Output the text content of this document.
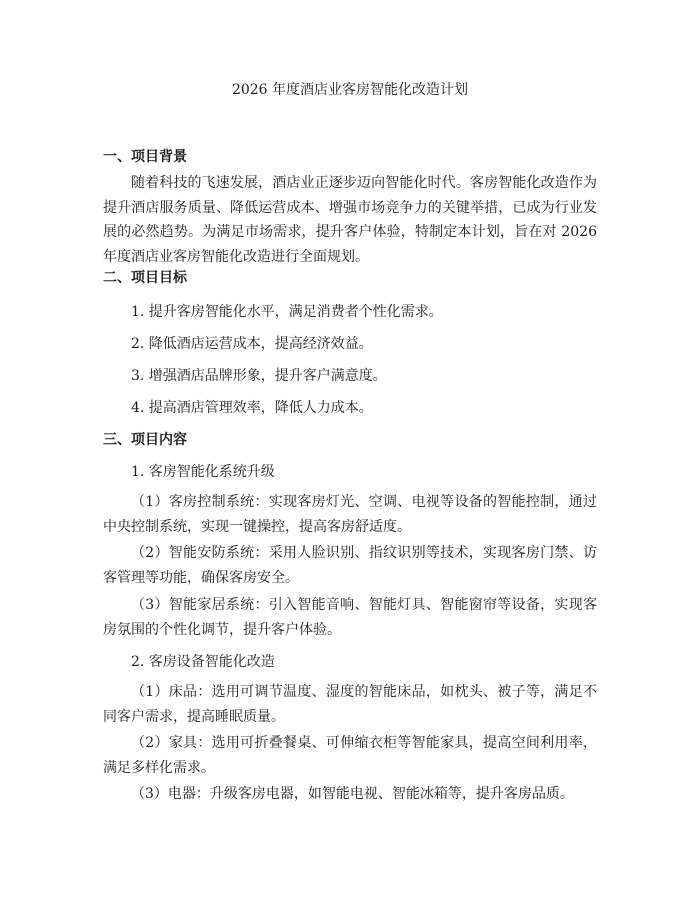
2026 年度酒店业客房智能化改造计划
一、项目背景

随着科技的飞速发展，酒店业正逐步迈向智能化时代。客房智能化改造作为提升酒店服务质量、降低运营成本、增强市场竞争力的关键举措，已成为行业发展的必然趋势。为满足市场需求，提升客户体验，特制定本计划，旨在对 2026 年度酒店业客房智能化改造进行全面规划。

二、项目目标

1. 提升客房智能化水平，满足消费者个性化需求。

2. 降低酒店运营成本，提高经济效益。

3. 增强酒店品牌形象，提升客户满意度。

4. 提高酒店管理效率，降低人力成本。

三、项目内容

1. 客房智能化系统升级

（1）客房控制系统：实现客房灯光、空调、电视等设备的智能控制，通过中央控制系统，实现一键操控，提高客房舒适度。

（2）智能安防系统：采用人脸识别、指纹识别等技术，实现客房门禁、访客管理等功能，确保客房安全。

（3）智能家居系统：引入智能音响、智能灯具、智能窗帘等设备，实现客房氛围的个性化调节，提升客户体验。

2. 客房设备智能化改造

（1）床品：选用可调节温度、湿度的智能床品，如枕头、被子等，满足不同客户需求，提高睡眠质量。

（2）家具：选用可折叠餐桌、可伸缩衣柜等智能家具，提高空间利用率，满足多样化需求。

（3）电器：升级客房电器，如智能电视、智能冰箱等，提升客房品质。
